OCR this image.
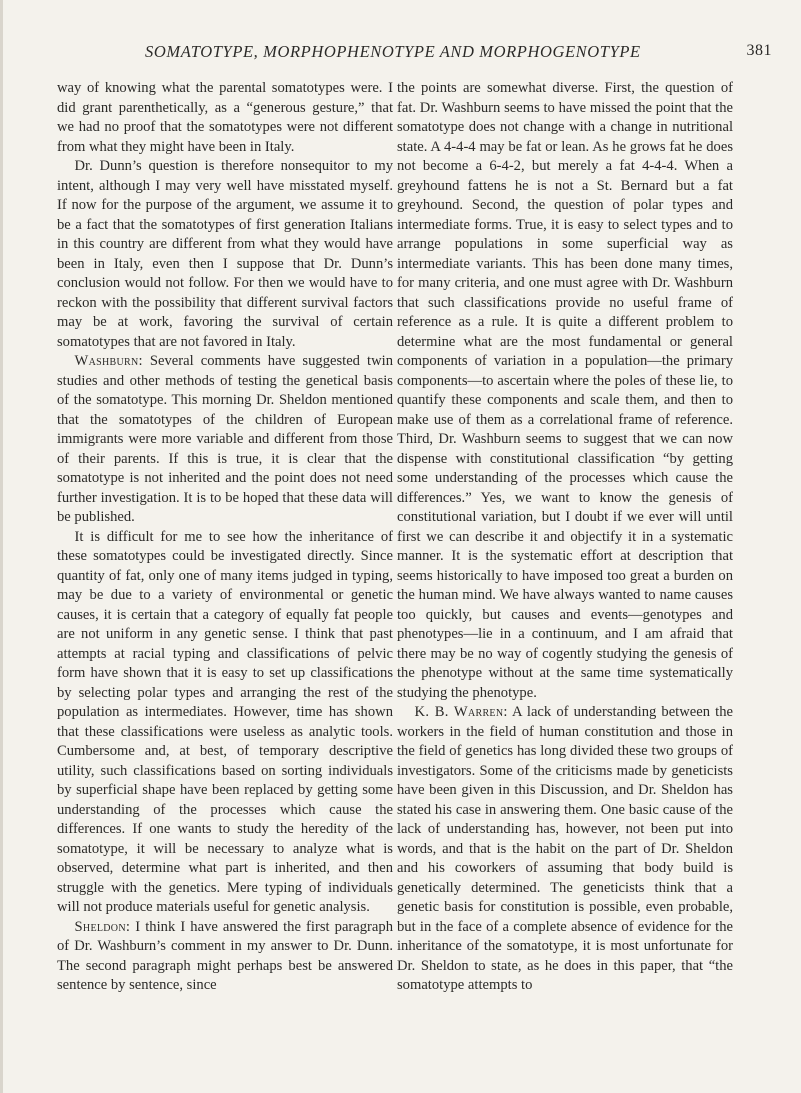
SOMATOTYPE, MORPHOPHENOTYPE AND MORPHOGENOTYPE	381

way of knowing what the parental somatotypes were. I did grant parenthetically, as a “generous gesture,” that we had no proof that the somatotypes were not different from what they might have been in Italy.

Dr. Dunn’s question is therefore nonsequitor to my intent, although I may very well have misstated myself. If now for the purpose of the argument, we assume it to be a fact that the somatotypes of first generation Italians in this country are different from what they would have been in Italy, even then I suppose that Dr. Dunn’s conclusion would not follow. For then we would have to reckon with the possibility that different survival factors may be at work, favoring the survival of certain somatotypes that are not favored in Italy.

Washburn: Several comments have suggested twin studies and other methods of testing the genetical basis of the somatotype. This morning Dr. Sheldon mentioned that the somatotypes of the children of European immigrants were more variable and different from those of their parents. If this is true, it is clear that the somatotype is not inherited and the point does not need further investigation. It is to be hoped that these data will be published.

It is difficult for me to see how the inheritance of these somatotypes could be investigated directly. Since quantity of fat, only one of many items judged in typing, may be due to a variety of environmental or genetic causes, it is certain that a category of equally fat people are not uniform in any genetic sense. I think that past attempts at racial typing and classifications of pelvic form have shown that it is easy to set up classifications by selecting polar types and arranging the rest of the population as intermediates. However, time has shown that these classifications were useless as analytic tools. Cumbersome and, at best, of temporary descriptive utility, such classifications based on sorting individuals by superficial shape have been replaced by getting some understanding of the processes which cause the differences. If one wants to study the heredity of the somatotype, it will be necessary to analyze what is observed, determine what part is inherited, and then struggle with the genetics. Mere typing of individuals will not produce materials useful for genetic analysis.

Sheldon: I think I have answered the first paragraph of Dr. Washburn’s comment in my answer to Dr. Dunn. The second paragraph might perhaps best be answered sentence by sentence, since

the points are somewhat diverse. First, the question of fat. Dr. Washburn seems to have missed the point that the somatotype does not change with a change in nutritional state. A 4-4-4 may be fat or lean. As he grows fat he does not become a 6-4-2, but merely a fat 4-4-4. When a greyhound fattens he is not a St. Bernard but a fat greyhound. Second, the question of polar types and intermediate forms. True, it is easy to select types and to arrange populations in some superficial way as intermediate variants. This has been done many times, for many criteria, and one must agree with Dr. Washburn that such classifications provide no useful frame of reference as a rule. It is quite a different problem to determine what are the most fundamental or general components of variation in a population—the primary components—to ascertain where the poles of these lie, to quantify these components and scale them, and then to make use of them as a correlational frame of reference. Third, Dr. Washburn seems to suggest that we can now dispense with constitutional classification “by getting some understanding of the processes which cause the differences.” Yes, we want to know the genesis of constitutional variation, but I doubt if we ever will until first we can describe it and objectify it in a systematic manner. It is the systematic effort at description that seems historically to have imposed too great a burden on the human mind. We have always wanted to name causes too quickly, but causes and events—genotypes and phenotypes—lie in a continuum, and I am afraid that there may be no way of cogently studying the genesis of the phenotype without at the same time systematically studying the phenotype.

K. B. Warren: A lack of understanding between the workers in the field of human constitution and those in the field of genetics has long divided these two groups of investigators. Some of the criticisms made by geneticists have been given in this Discussion, and Dr. Sheldon has stated his case in answering them. One basic cause of the lack of understanding has, however, not been put into words, and that is the habit on the part of Dr. Sheldon and his coworkers of assuming that body build is genetically determined. The geneticists think that a genetic basis for constitution is possible, even probable, but in the face of a complete absence of evidence for the inheritance of the somatotype, it is most unfortunate for Dr. Sheldon to state, as he does in this paper, that “the somatotype attempts to
